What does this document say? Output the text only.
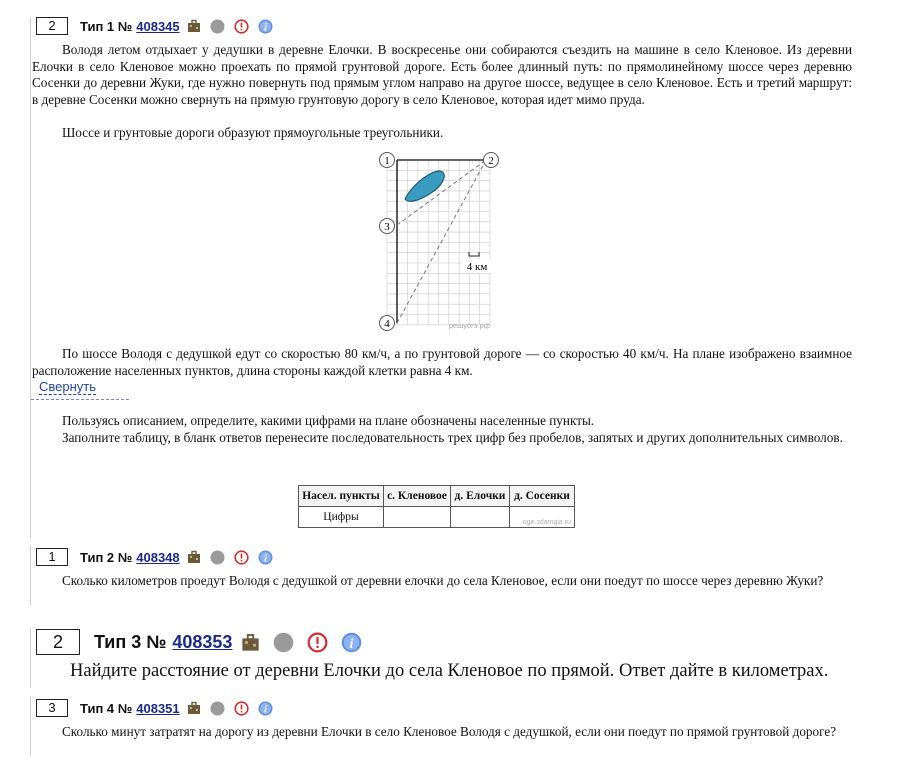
2	Тип 1 № 408345	i
Володя летом отдыхает у дедушки в деревне Елочки. В воскресенье они собираются съездить на машине в село Кленовое. Из деревни Елочки в село Кленовое можно проехать по прямой грунтовой дороге. Есть более длинный путь: по прямолинейному шоссе через деревню Сосенки до деревни Жуки, где нужно повернуть под прямым углом направо на другое шоссе, ведущее в село Кленовое. Есть и третий маршрут: в деревне Сосенки можно свернуть на прямую грунтовую дорогу в село Кленовое, которая идет мимо пруда.
Шоссе и грунтовые дороги образуют прямоугольные треугольники.
1	2
3
4
4 км
решуогэ.рф
По шоссе Володя с дедушкой едут со скоростью 80 км/ч, а по грунтовой дороге — со скоростью 40 км/ч. На плане изображено взаимное расположение населенных пунктов, длина стороны каждой клетки равна 4 км.
Свернуть
Пользуясь описанием, определите, какими цифрами на плане обозначены населенные пункты.
Заполните таблицу, в бланк ответов перенесите последовательность трех цифр без пробелов, запятых и других дополнительных символов.
Насел. пункты	с. Кленовое	д. Елочки	д. Сосенки
Цифры			oge.sdamgia.ru
1	Тип 2 № 408348	i
Сколько километров проедут Володя с дедушкой от деревни елочки до села Кленовое, если они поедут по шоссе через деревню Жуки?
2	Тип 3 № 408353	i
Найдите расстояние от деревни Елочки до села Кленовое по прямой. Ответ дайте в километрах.
3	Тип 4 № 408351	i
Сколько минут затратят на дорогу из деревни Елочки в село Кленовое Володя с дедушкой, если они поедут по прямой грунтовой дороге?
